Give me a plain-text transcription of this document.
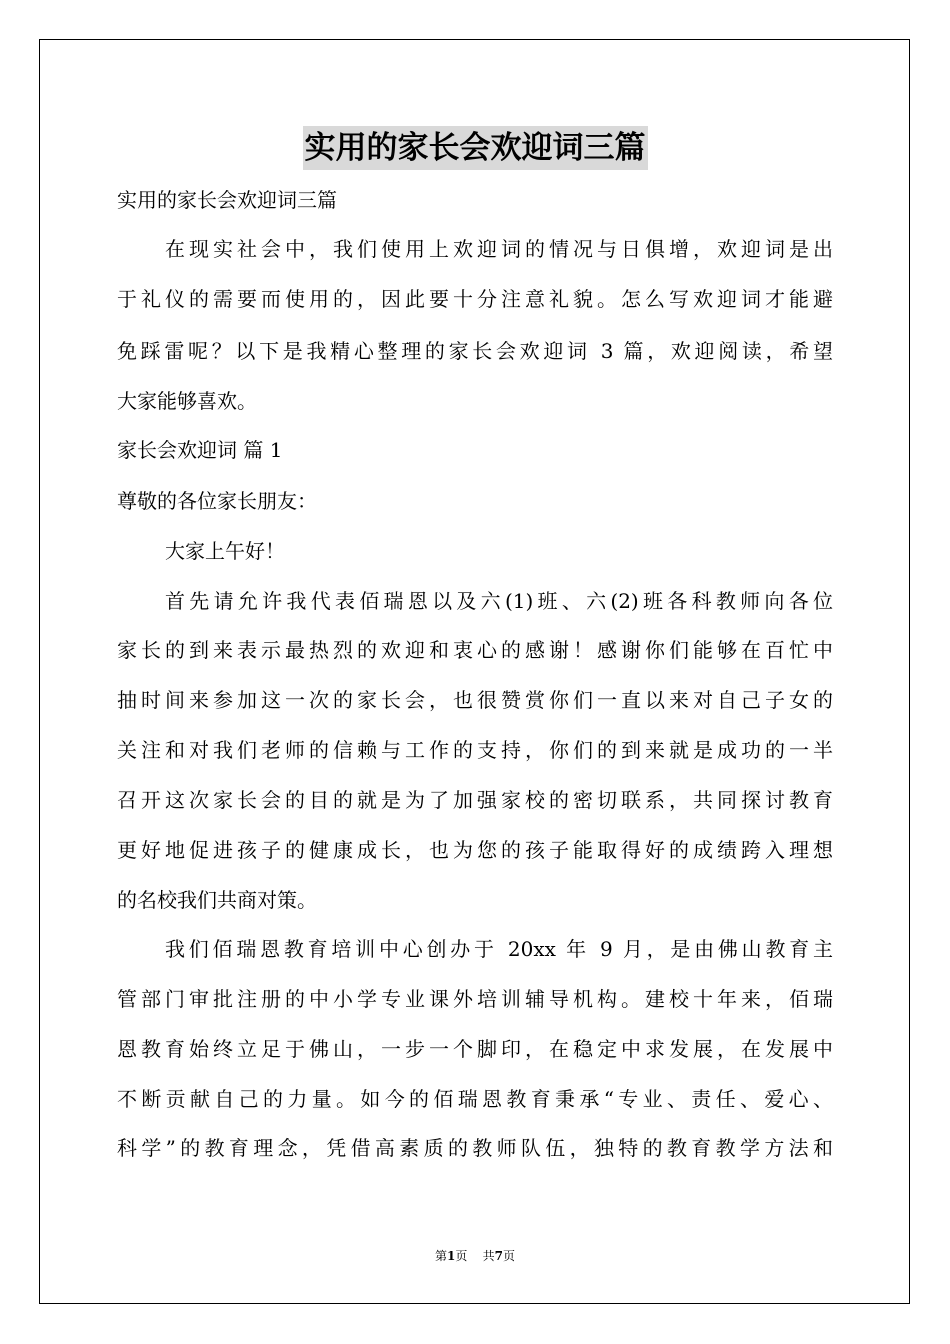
实用的家长会欢迎词三篇

实用的家长会欢迎词三篇

在现实社会中，我们使用上欢迎词的情况与日俱增，欢迎词是出

于礼仪的需要而使用的，因此要十分注意礼貌。怎么写欢迎词才能避

免踩雷呢？以下是我精心整理的家长会欢迎词 3 篇，欢迎阅读，希望

大家能够喜欢。

家长会欢迎词 篇 1

尊敬的各位家长朋友：

大家上午好！

首先请允许我代表佰瑞恩以及六(1)班、六(2)班各科教师向各位

家长的到来表示最热烈的欢迎和衷心的感谢！感谢你们能够在百忙中

抽时间来参加这一次的家长会，也很赞赏你们一直以来对自己子女的

关注和对我们老师的信赖与工作的支持，你们的到来就是成功的一半

召开这次家长会的目的就是为了加强家校的密切联系，共同探讨教育

更好地促进孩子的健康成长，也为您的孩子能取得好的成绩跨入理想

的名校我们共商对策。

我们佰瑞恩教育培训中心创办于 20xx 年 9 月，是由佛山教育主

管部门审批注册的中小学专业课外培训辅导机构。建校十年来，佰瑞

恩教育始终立足于佛山，一步一个脚印，在稳定中求发展，在发展中

不断贡献自己的力量。如今的佰瑞恩教育秉承“专业、责任、爱心、

科学”的教育理念，凭借高素质的教师队伍，独特的教育教学方法和

第1页 共7页
